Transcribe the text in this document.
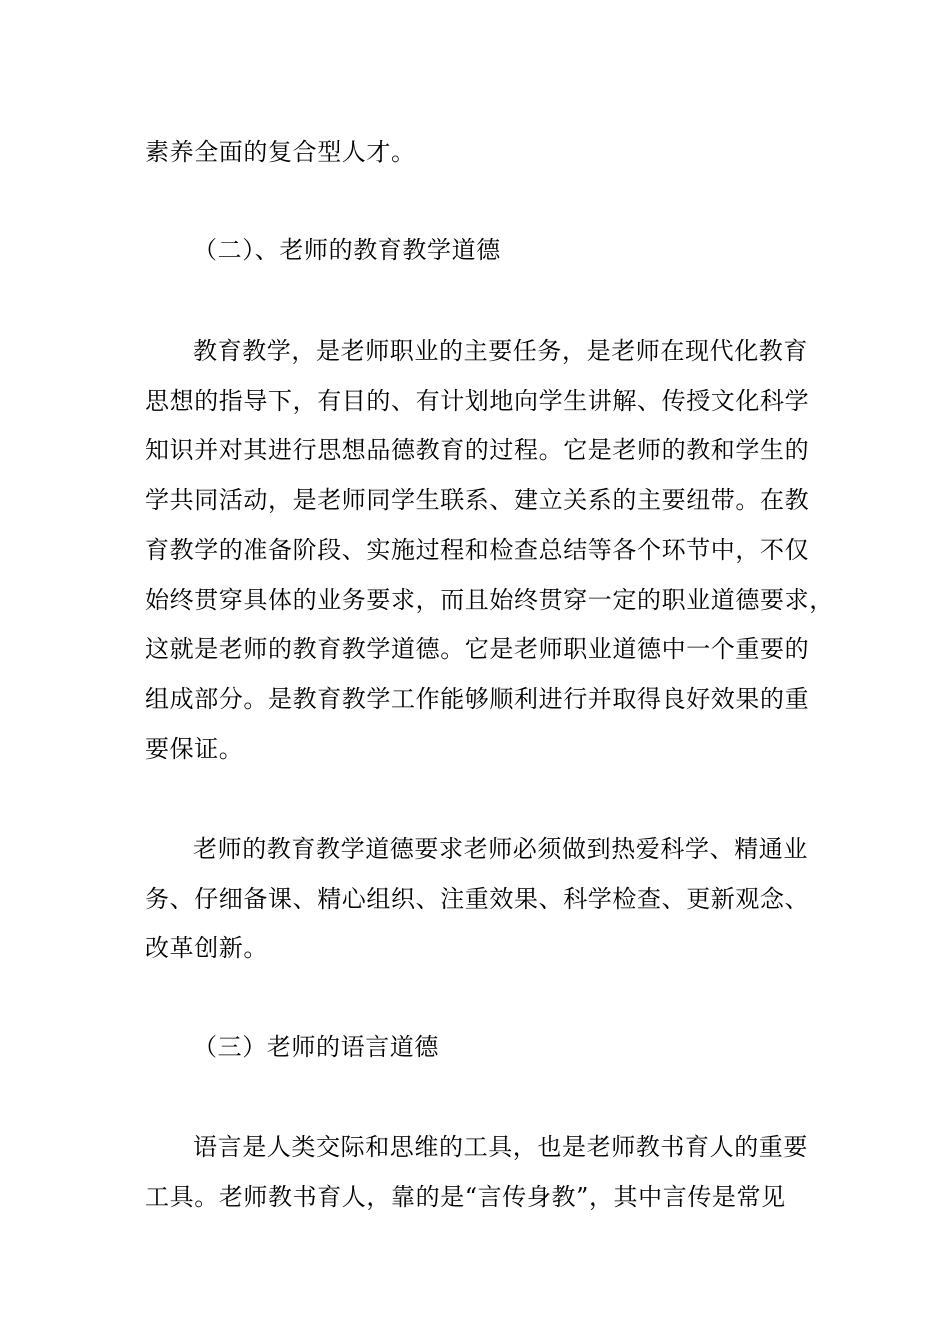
素养全面的复合型人才。
（二）、老师的教育教学道德
教育教学，是老师职业的主要任务，是老师在现代化教育
思想的指导下，有目的、有计划地向学生讲解、传授文化科学
知识并对其进行思想品德教育的过程。它是老师的教和学生的
学共同活动，是老师同学生联系、建立关系的主要纽带。在教
育教学的准备阶段、实施过程和检查总结等各个环节中，不仅
始终贯穿具体的业务要求，而且始终贯穿一定的职业道德要求，
这就是老师的教育教学道德。它是老师职业道德中一个重要的
组成部分。是教育教学工作能够顺利进行并取得良好效果的重
要保证。
老师的教育教学道德要求老师必须做到热爱科学、精通业
务、仔细备课、精心组织、注重效果、科学检查、更新观念、
改革创新。
（三）老师的语言道德
语言是人类交际和思维的工具，也是老师教书育人的重要
工具。老师教书育人，靠的是“言传身教”，其中言传是常见
